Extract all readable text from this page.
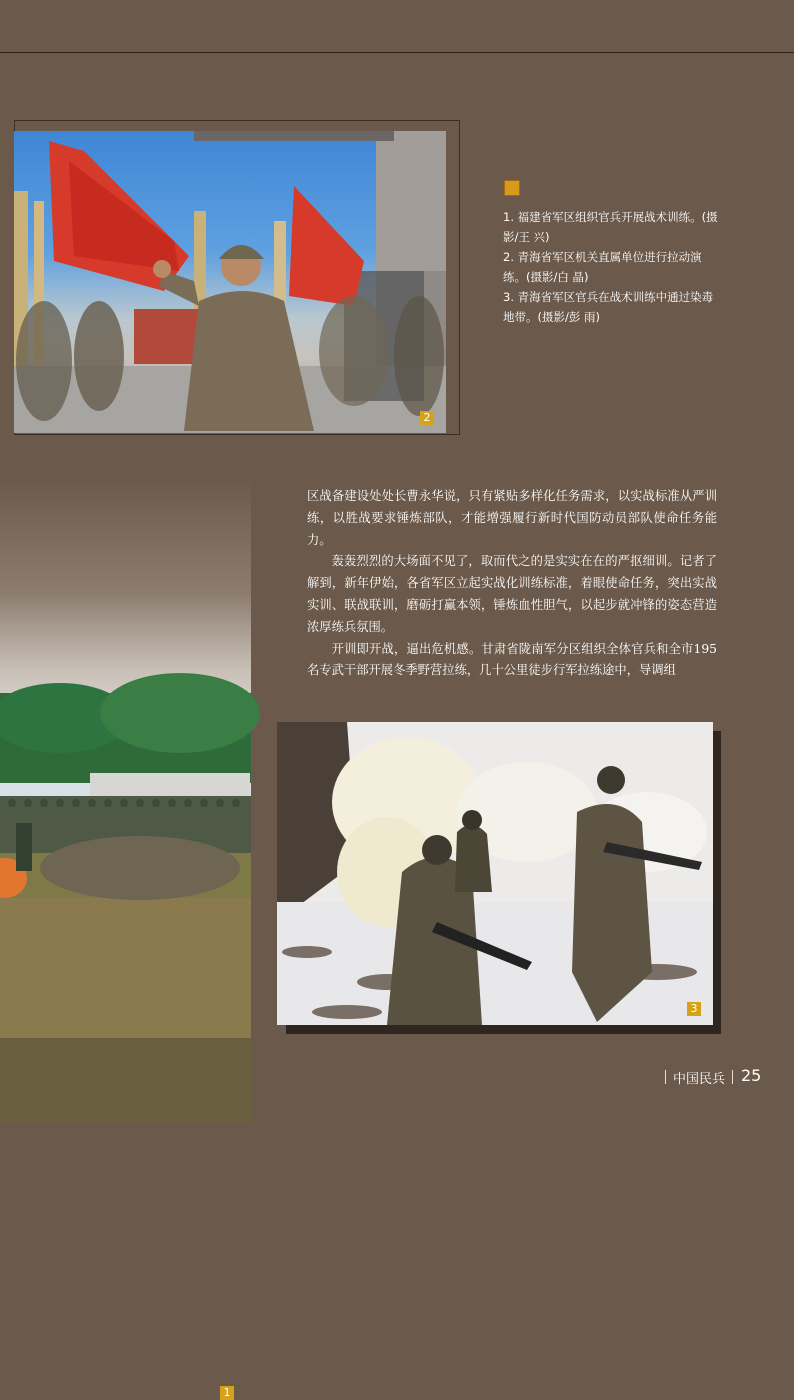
2

1. 福建省军区组织官兵开展战术训练。(摄影/王 兴)

2. 青海省军区机关直属单位进行拉动演练。(摄影/白 晶)

3. 青海省军区官兵在战术训练中通过染毒地带。(摄影/彭 雨)

1

区战备建设处处长曹永华说，只有紧贴多样化任务需求，以实战标准从严训练，以胜战要求锤炼部队，才能增强履行新时代国防动员部队使命任务能力。

轰轰烈烈的大场面不见了，取而代之的是实实在在的严抠细训。记者了解到，新年伊始，各省军区立起实战化训练标准，着眼使命任务，突出实战实训、联战联训，磨砺打赢本领，锤炼血性胆气，以起步就冲锋的姿态营造浓厚练兵氛围。

开训即开战，逼出危机感。甘肃省陇南军分区组织全体官兵和全市195名专武干部开展冬季野营拉练，几十公里徒步行军拉练途中，导调组

3
中国民兵 25
